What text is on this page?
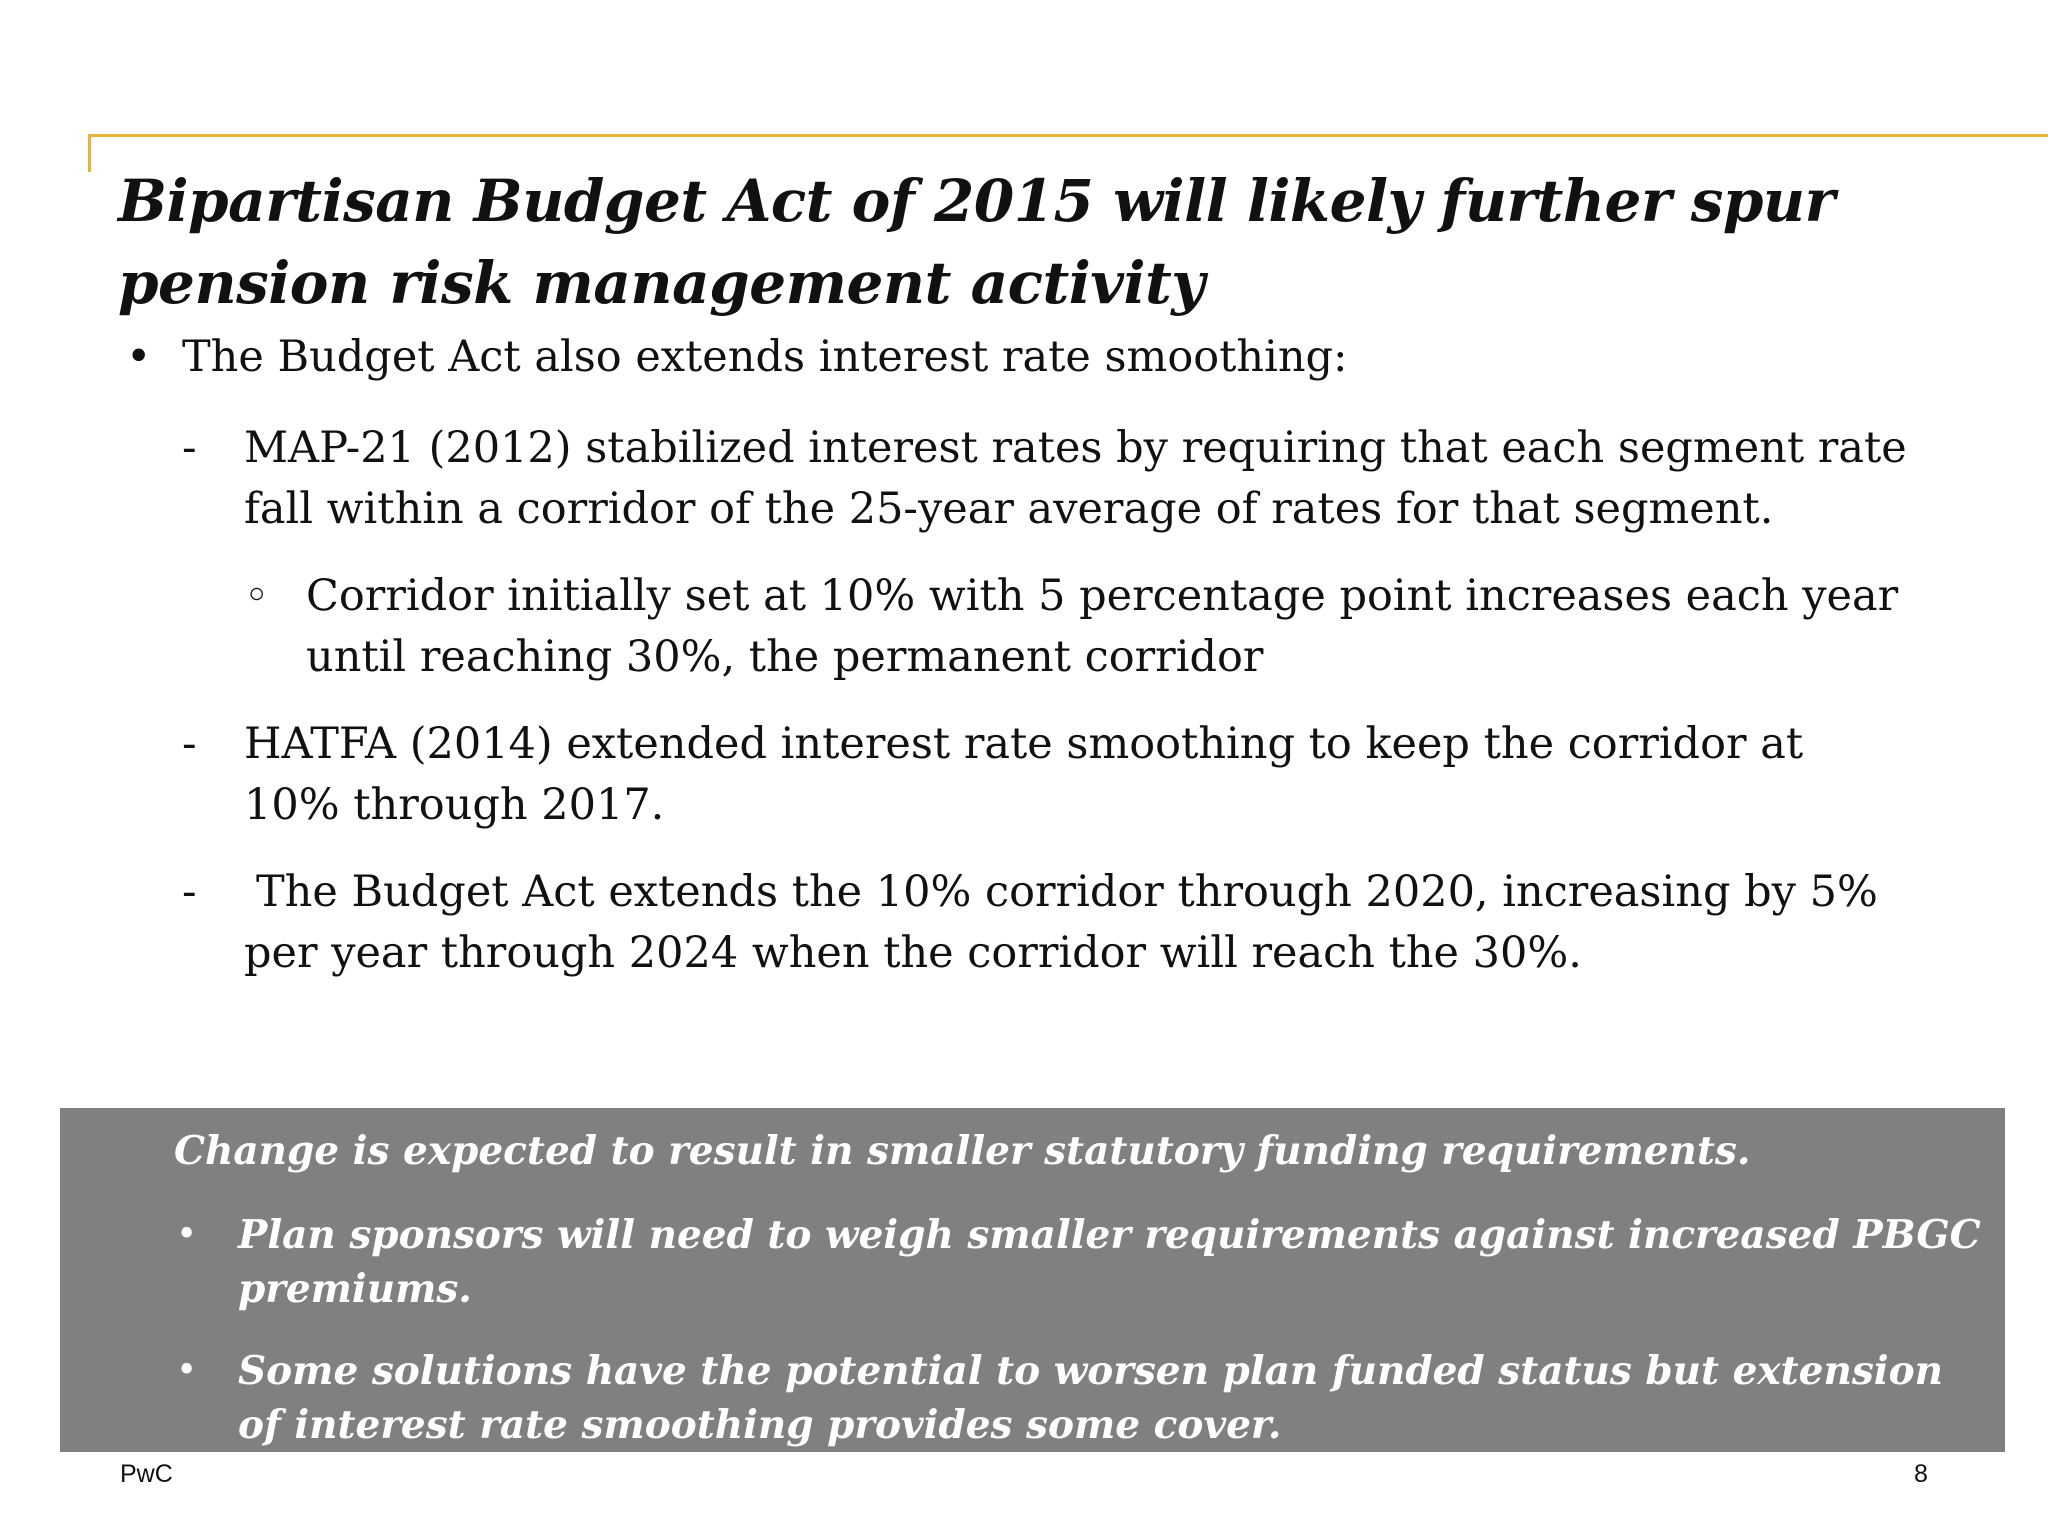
Bipartisan Budget Act of 2015 will likely further spur pension risk management activity
• The Budget Act also extends interest rate smoothing:
- MAP-21 (2012) stabilized interest rates by requiring that each segment rate fall within a corridor of the 25-year average of rates for that segment.
◦ Corridor initially set at 10% with 5 percentage point increases each year until reaching 30%, the permanent corridor
- HATFA (2014) extended interest rate smoothing to keep the corridor at 10% through 2017.
- The Budget Act extends the 10% corridor through 2020, increasing by 5% per year through 2024 when the corridor will reach the 30%.
Change is expected to result in smaller statutory funding requirements.
• Plan sponsors will need to weigh smaller requirements against increased PBGC premiums.
• Some solutions have the potential to worsen plan funded status but extension of interest rate smoothing provides some cover.
PwC	8
